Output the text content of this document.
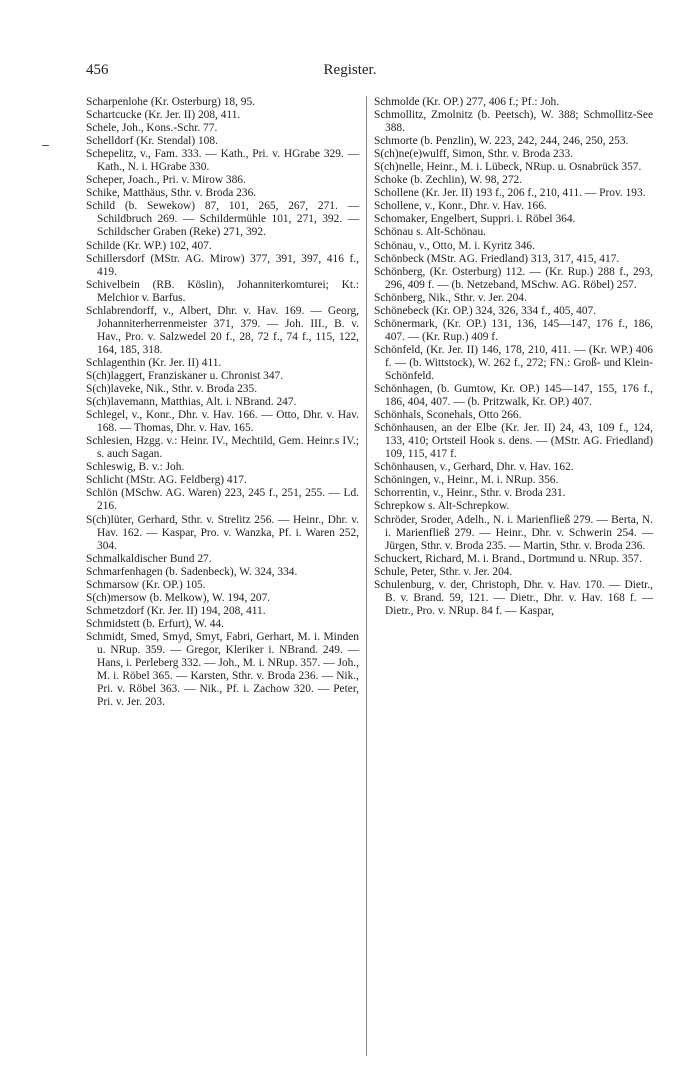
456	Register.

Scharpenlohe (Kr. Osterburg) 18, 95.

Schartcucke (Kr. Jer. II) 208, 411.

Schele, Joh., Kons.-Schr. 77.

Schelldorf (Kr. Stendal) 108.

Schepelitz, v., Fam. 333. — Kath., Pri. v. HGrabe 329. — Kath., N. i. HGrabe 330.

Scheper, Joach., Pri. v. Mirow 386.

Schike, Matthäus, Sthr. v. Broda 236.

Schild (b. Sewekow) 87, 101, 265, 267, 271. — Schildbruch 269. — Schildermühle 101, 271, 392. — Schildscher Graben (Reke) 271, 392.

Schilde (Kr. WP.) 102, 407.

Schillersdorf (MStr. AG. Mirow) 377, 391, 397, 416 f., 419.

Schivelbein (RB. Köslin), Johanniterkomturei; Kt.: Melchior v. Barfus.

Schlabrendorff, v., Albert, Dhr. v. Hav. 169. — Georg, Johanniterherrenmeister 371, 379. — Joh. III., B. v. Hav., Pro. v. Salzwedel 20 f., 28, 72 f., 74 f., 115, 122, 164, 185, 318.

Schlagenthin (Kr. Jer. II) 411.

S(ch)laggert, Franziskaner u. Chronist 347.

S(ch)laveke, Nik., Sthr. v. Broda 235.

S(ch)lavemann, Matthias, Alt. i. NBrand. 247.

Schlegel, v., Konr., Dhr. v. Hav. 166. — Otto, Dhr. v. Hav. 168. — Thomas, Dhr. v. Hav. 165.

Schlesien, Hzgg. v.: Heinr. IV., Mechtild, Gem. Heinr.s IV.; s. auch Sagan.

Schleswig, B. v.: Joh.

Schlicht (MStr. AG. Feldberg) 417.

Schlön (MSchw. AG. Waren) 223, 245 f., 251, 255. — Ld. 216.

S(ch)lüter, Gerhard, Sthr. v. Strelitz 256. — Heinr., Dhr. v. Hav. 162. — Kaspar, Pro. v. Wanzka, Pf. i. Waren 252, 304.

Schmalkaldischer Bund 27.

Schmarfenhagen (b. Sadenbeck), W. 324, 334.

Schmarsow (Kr. OP.) 105.

S(ch)mersow (b. Melkow), W. 194, 207.

Schmetzdorf (Kr. Jer. II) 194, 208, 411.

Schmidstett (b. Erfurt), W. 44.

Schmidt, Smed, Smyd, Smyt, Fabri, Gerhart, M. i. Minden u. NRup. 359. — Gregor, Kleriker i. NBrand. 249. — Hans, i. Perleberg 332. — Joh., M. i. NRup. 357. — Joh., M. i. Röbel 365. — Karsten, Sthr. v. Broda 236. — Nik., Pri. v. Röbel 363. — Nik., Pf. i. Zachow 320. — Peter, Pri. v. Jer. 203.

Schmolde (Kr. OP.) 277, 406 f.; Pf.: Joh.

Schmollitz, Zmolnitz (b. Peetsch), W. 388; Schmollitz-See 388.

Schmorte (b. Penzlin), W. 223, 242, 244, 246, 250, 253.

S(ch)ne(e)wulff, Simon, Sthr. v. Broda 233.

S(ch)nelle, Heinr., M. i. Lübeck, NRup. u. Osnabrück 357.

Schoke (b. Zechlin), W. 98, 272.

Schollene (Kr. Jer. II) 193 f., 206 f., 210, 411. — Prov. 193.

Schollene, v., Konr., Dhr. v. Hav. 166.

Schomaker, Engelbert, Suppri. i. Röbel 364.

Schönau s. Alt-Schönau.

Schönau, v., Otto, M. i. Kyritz 346.

Schönbeck (MStr. AG. Friedland) 313, 317, 415, 417.

Schönberg, (Kr. Osterburg) 112. — (Kr. Rup.) 288 f., 293, 296, 409 f. — (b. Netzeband, MSchw. AG. Röbel) 257.

Schönberg, Nik., Sthr. v. Jer. 204.

Schönebeck (Kr. OP.) 324, 326, 334 f., 405, 407.

Schönermark, (Kr. OP.) 131, 136, 145—147, 176 f., 186, 407. — (Kr. Rup.) 409 f.

Schönfeld, (Kr. Jer. II) 146, 178, 210, 411. — (Kr. WP.) 406 f. — (b. Wittstock), W. 262 f., 272; FN.: Groß- und Klein-Schönfeld.

Schönhagen, (b. Gumtow, Kr. OP.) 145—147, 155, 176 f., 186, 404, 407. — (b. Pritzwalk, Kr. OP.) 407.

Schönhals, Sconehals, Otto 266.

Schönhausen, an der Elbe (Kr. Jer. II) 24, 43, 109 f., 124, 133, 410; Ortsteil Hook s. dens. — (MStr. AG. Friedland) 109, 115, 417 f.

Schönhausen, v., Gerhard, Dhr. v. Hav. 162.

Schöningen, v., Heinr., M. i. NRup. 356.

Schorrentin, v., Heinr., Sthr. v. Broda 231.

Schrepkow s. Alt-Schrepkow.

Schröder, Sroder, Adelh., N. i. Marienfließ 279. — Berta, N. i. Marienfließ 279. — Heinr., Dhr. v. Schwerin 254. — Jürgen, Sthr. v. Broda 235. — Martin, Sthr. v. Broda 236.

Schuckert, Richard, M. i. Brand., Dortmund u. NRup. 357.

Schule, Peter, Sthr. v. Jer. 204.

Schulenburg, v. der, Christoph, Dhr. v. Hav. 170. — Dietr., B. v. Brand. 59, 121. — Dietr., Dhr. v. Hav. 168 f. — Dietr., Pro. v. NRup. 84 f. — Kaspar,
